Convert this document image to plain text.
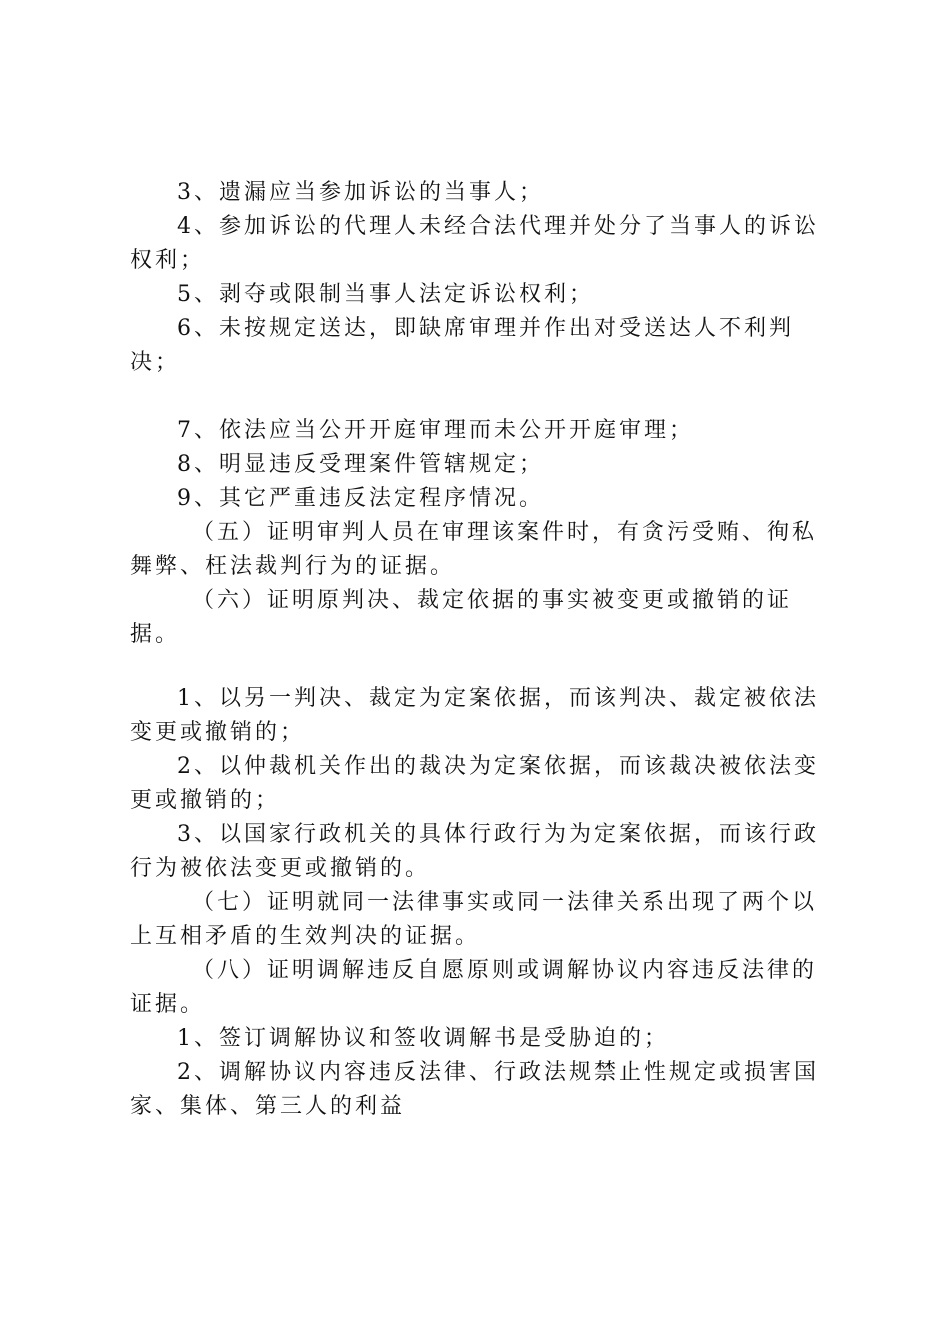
3、遗漏应当参加诉讼的当事人；

4、参加诉讼的代理人未经合法代理并处分了当事人的诉讼权利；

5、剥夺或限制当事人法定诉讼权利；

6、未按规定送达，即缺席审理并作出对受送达人不利判决；

7、依法应当公开开庭审理而未公开开庭审理；

8、明显违反受理案件管辖规定；

9、其它严重违反法定程序情况。

（五）证明审判人员在审理该案件时，有贪污受贿、徇私舞弊、枉法裁判行为的证据。

（六）证明原判决、裁定依据的事实被变更或撤销的证据。

1、以另一判决、裁定为定案依据，而该判决、裁定被依法变更或撤销的；

2、以仲裁机关作出的裁决为定案依据，而该裁决被依法变更或撤销的；

3、以国家行政机关的具体行政行为为定案依据，而该行政行为被依法变更或撤销的。

（七）证明就同一法律事实或同一法律关系出现了两个以上互相矛盾的生效判决的证据。

（八）证明调解违反自愿原则或调解协议内容违反法律的证据。

1、签订调解协议和签收调解书是受胁迫的；

2、调解协议内容违反法律、行政法规禁止性规定或损害国家、集体、第三人的利益
